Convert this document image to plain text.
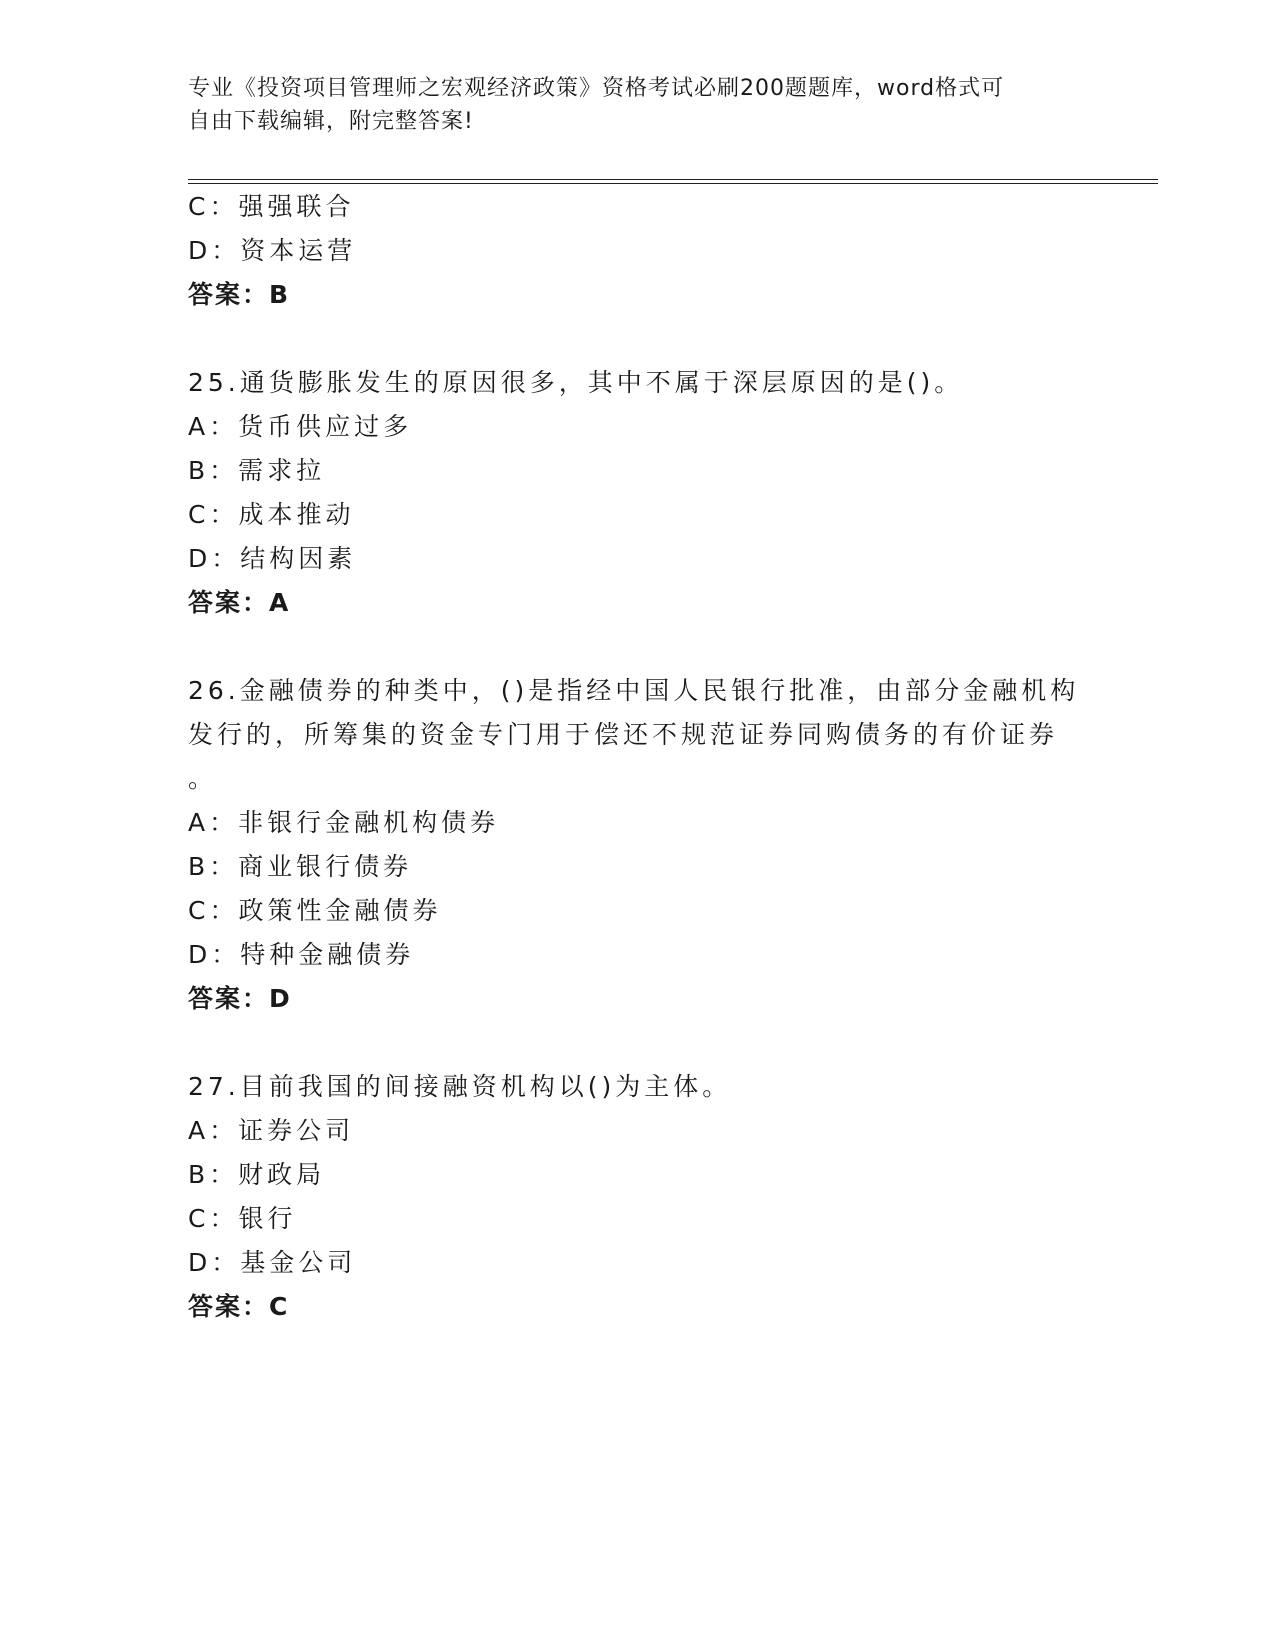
专业《投资项目管理师之宏观经济政策》资格考试必刷200题题库，word格式可
自由下载编辑，附完整答案!
C：强强联合
D：资本运营
答案：B
25.通货膨胀发生的原因很多，其中不属于深层原因的是()。
A：货币供应过多
B：需求拉
C：成本推动
D：结构因素
答案：A
26.金融债券的种类中，()是指经中国人民银行批准，由部分金融机构
发行的，所筹集的资金专门用于偿还不规范证券同购债务的有价证券
。
A：非银行金融机构债券
B：商业银行债券
C：政策性金融债券
D：特种金融债券
答案：D
27.目前我国的间接融资机构以()为主体。
A：证券公司
B：财政局
C：银行
D：基金公司
答案：C
